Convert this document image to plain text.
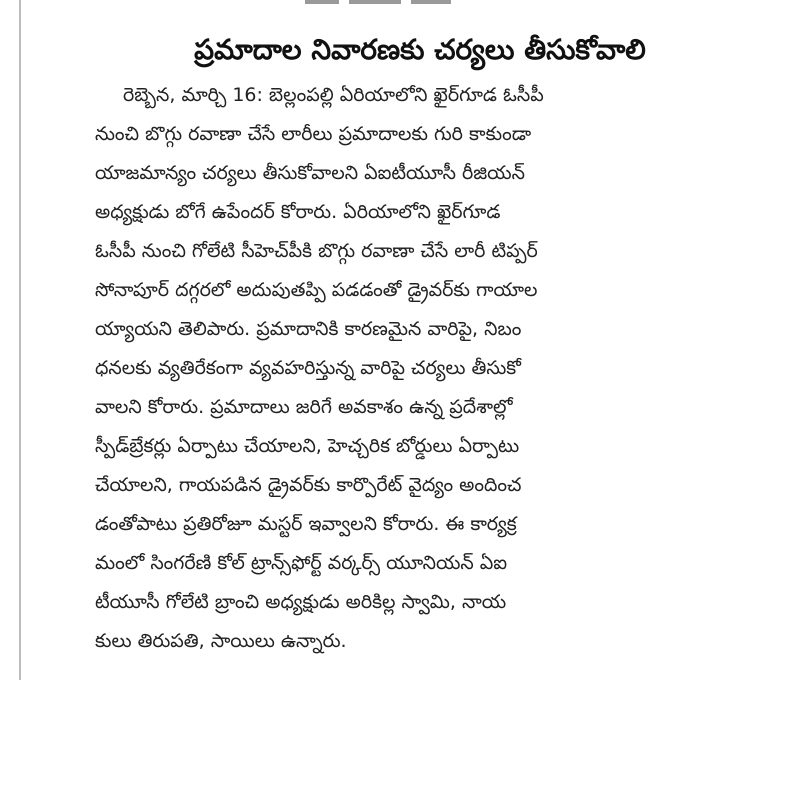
ప్రమాదాల నివారణకు చర్యలు తీసుకోవాలి
రెబ్బెన, మార్చి 16: బెల్లంపల్లి ఏరియాలోని ఖైర్‌గూడ ఓసీపీ
నుంచి బొగ్గు రవాణా చేసే లారీలు ప్రమాదాలకు గురి కాకుండా
యాజమాన్యం చర్యలు తీసుకోవాలని ఏఐటీయూసీ రీజియన్
అధ్యక్షుడు బోగే ఉపేందర్ కోరారు. ఏరియాలోని ఖైర్‌గూడ
ఓసీపీ నుంచి గోలేటి సీహెచ్‌పీకి బొగ్గు రవాణా చేసే లారీ టిప్పర్
సోనాపూర్ దగ్గరలో అదుపుతప్పి పడడంతో డ్రైవర్‌కు గాయాల
య్యాయని తెలిపారు. ప్రమాదానికి కారణమైన వారిపై, నిబం
ధనలకు వ్యతిరేకంగా వ్యవహరిస్తున్న వారిపై చర్యలు తీసుకో
వాలని కోరారు. ప్రమాదాలు జరిగే అవకాశం ఉన్న ప్రదేశాల్లో
స్పీడ్‌బ్రేకర్లు ఏర్పాటు చేయాలని, హెచ్చరిక బోర్డులు ఏర్పాటు
చేయాలని, గాయపడిన డ్రైవర్‌కు కార్పొరేట్ వైద్యం అందించ
డంతోపాటు ప్రతిరోజూ మస్టర్ ఇవ్వాలని కోరారు. ఈ కార్యక్ర
మంలో సింగరేణి కోల్ ట్రాన్స్‌ఫోర్ట్ వర్కర్స్ యూనియన్ ఏఐ
టీయూసీ గోలేటి బ్రాంచి అధ్యక్షుడు అరికిల్ల స్వామి, నాయ
కులు తిరుపతి, సాయిలు ఉన్నారు.
